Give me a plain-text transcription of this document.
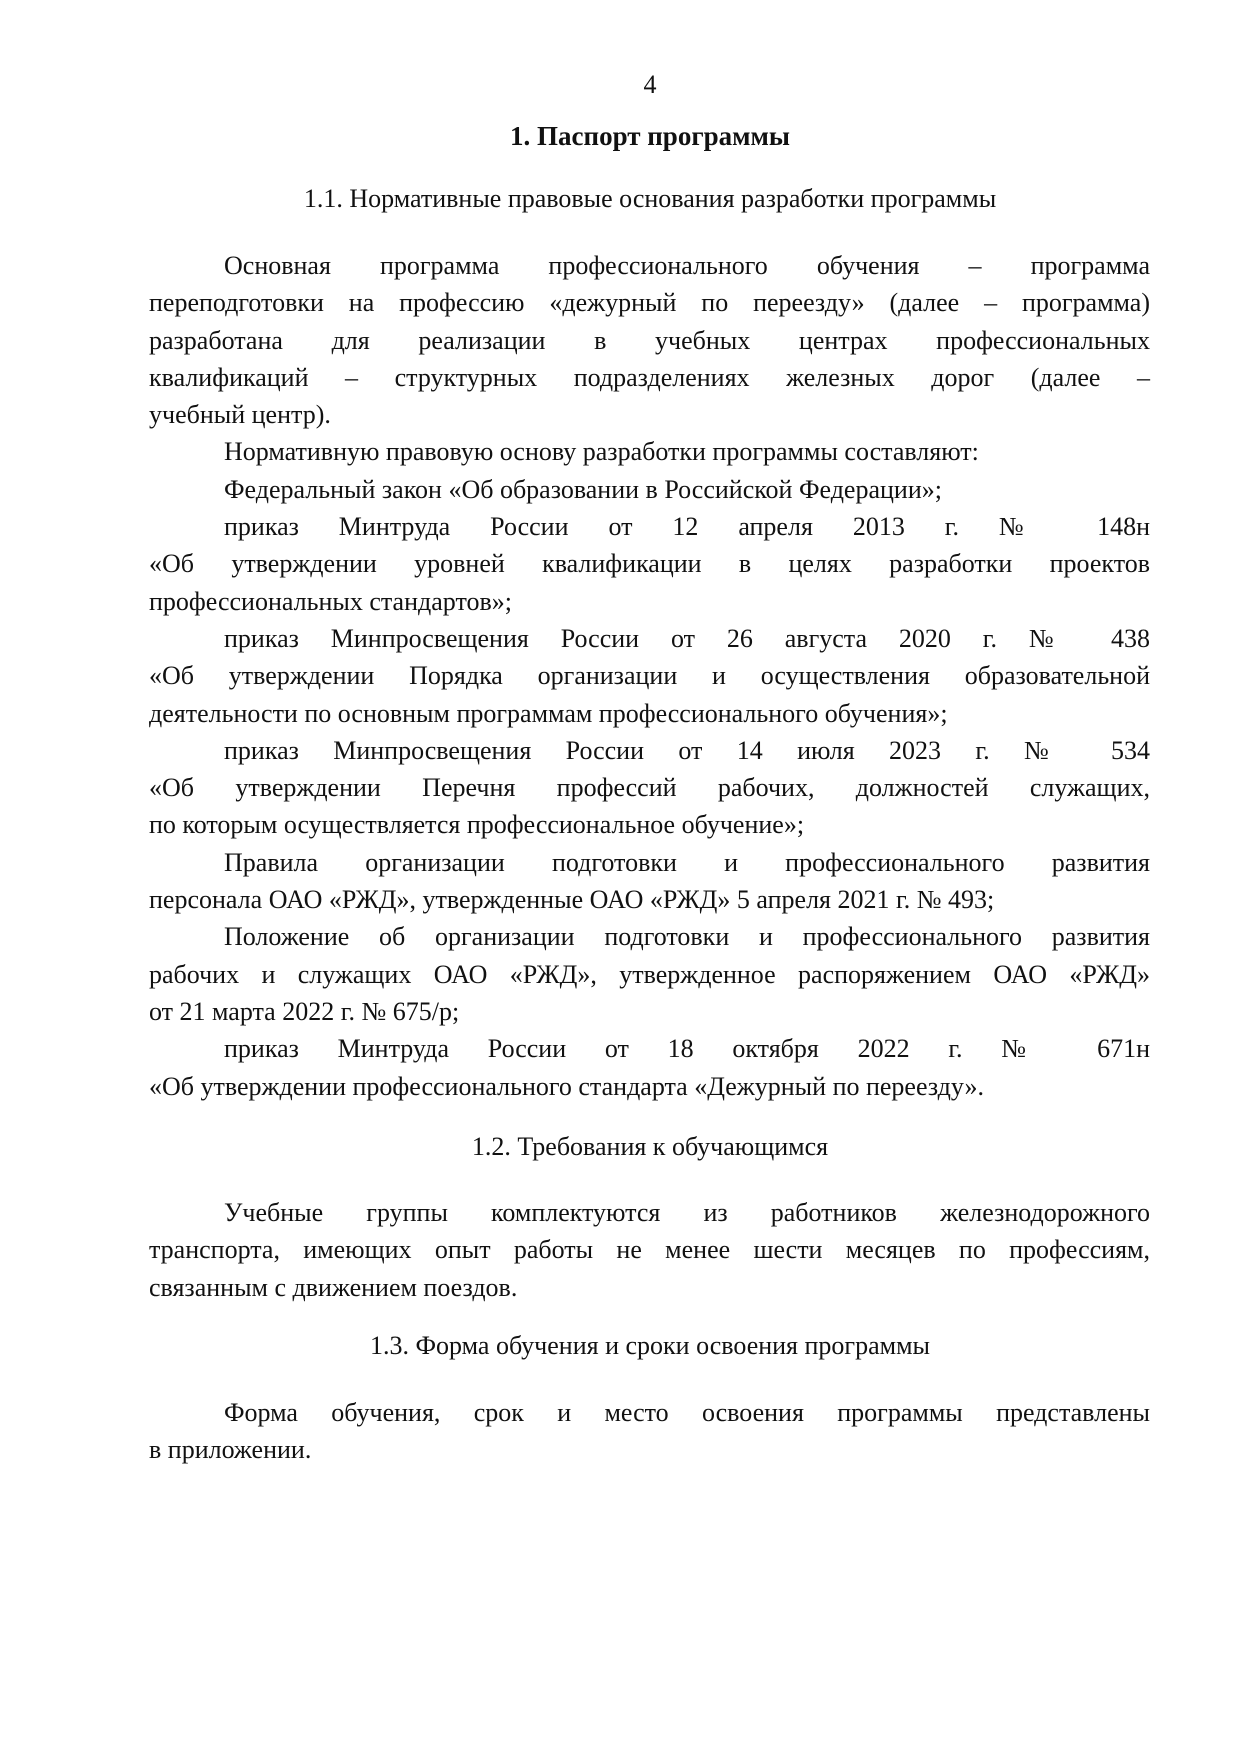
4
1. Паспорт программы
1.1. Нормативные правовые основания разработки программы
Основная программа профессионального обучения – программа
переподготовки на профессию «дежурный по переезду» (далее – программа)
разработана для реализации в учебных центрах профессиональных
квалификаций – структурных подразделениях железных дорог (далее –
учебный центр).
Нормативную правовую основу разработки программы составляют:
Федеральный закон «Об образовании в Российской Федерации»;
приказ Минтруда России от 12 апреля 2013 г. № 148н
«Об утверждении уровней квалификации в целях разработки проектов
профессиональных стандартов»;
приказ Минпросвещения России от 26 августа 2020 г. № 438
«Об утверждении Порядка организации и осуществления образовательной
деятельности по основным программам профессионального обучения»;
приказ Минпросвещения России от 14 июля 2023 г. № 534
«Об утверждении Перечня профессий рабочих, должностей служащих,
по которым осуществляется профессиональное обучение»;
Правила организации подготовки и профессионального развития
персонала ОАО «РЖД», утвержденные ОАО «РЖД» 5 апреля 2021 г. № 493;
Положение об организации подготовки и профессионального развития
рабочих и служащих ОАО «РЖД», утвержденное распоряжением ОАО «РЖД»
от 21 марта 2022 г. № 675/р;
приказ Минтруда России от 18 октября 2022 г. № 671н
«Об утверждении профессионального стандарта «Дежурный по переезду».
1.2. Требования к обучающимся
Учебные группы комплектуются из работников железнодорожного
транспорта, имеющих опыт работы не менее шести месяцев по профессиям,
связанным с движением поездов.
1.3. Форма обучения и сроки освоения программы
Форма обучения, срок и место освоения программы представлены
в приложении.
